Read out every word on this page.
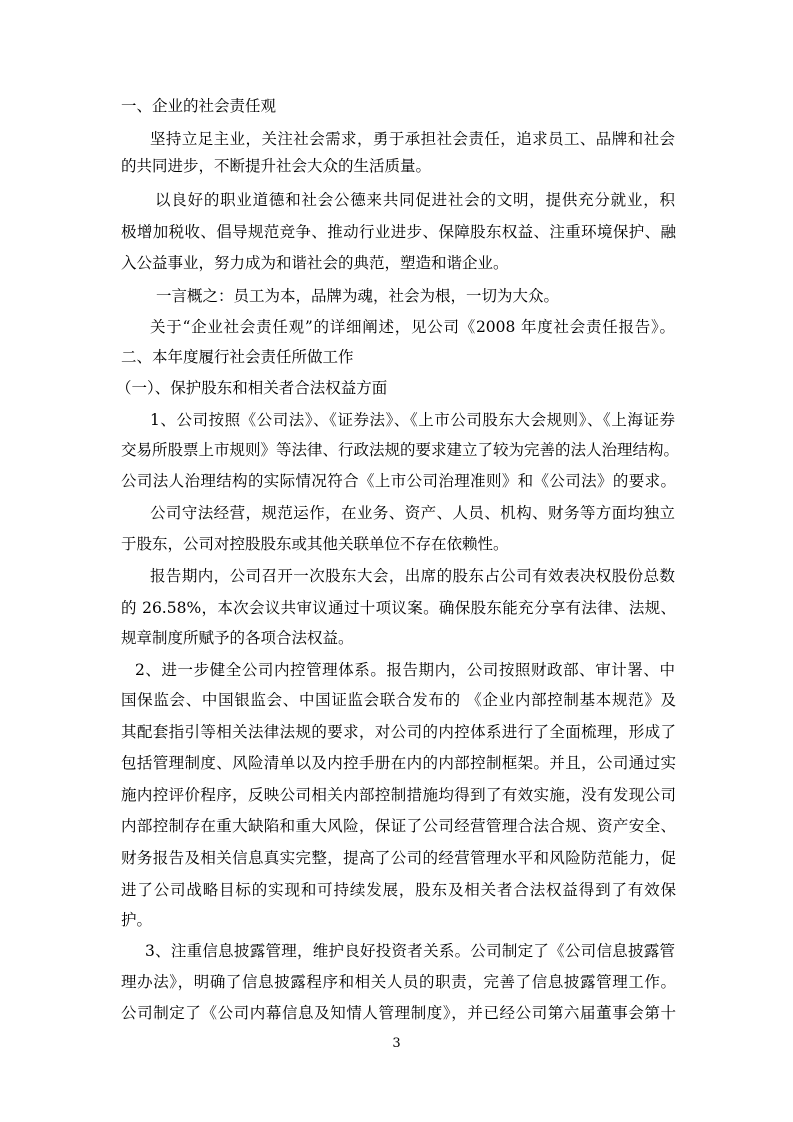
一、企业的社会责任观
坚持立足主业，关注社会需求，勇于承担社会责任，追求员工、品牌和社会
的共同进步，不断提升社会大众的生活质量。
以良好的职业道德和社会公德来共同促进社会的文明，提供充分就业，积
极增加税收、倡导规范竞争、推动行业进步、保障股东权益、注重环境保护、融
入公益事业，努力成为和谐社会的典范，塑造和谐企业。
一言概之：员工为本，品牌为魂，社会为根，一切为大众。
关于“企业社会责任观”的详细阐述，见公司《2008 年度社会责任报告》。
二、本年度履行社会责任所做工作
（一）、保护股东和相关者合法权益方面
1、公司按照《公司法》、《证券法》、《上市公司股东大会规则》、《上海证券
交易所股票上市规则》等法律、行政法规的要求建立了较为完善的法人治理结构。
公司法人治理结构的实际情况符合《上市公司治理准则》和《公司法》的要求。
公司守法经营，规范运作，在业务、资产、人员、机构、财务等方面均独立
于股东，公司对控股股东或其他关联单位不存在依赖性。
报告期内，公司召开一次股东大会，出席的股东占公司有效表决权股份总数
的 26.58%，本次会议共审议通过十项议案。确保股东能充分享有法律、法规、
规章制度所赋予的各项合法权益。
2、进一步健全公司内控管理体系。报告期内，公司按照财政部、审计署、中
国保监会、中国银监会、中国证监会联合发布的 《企业内部控制基本规范》及
其配套指引等相关法律法规的要求，对公司的内控体系进行了全面梳理，形成了
包括管理制度、风险清单以及内控手册在内的内部控制框架。并且，公司通过实
施内控评价程序，反映公司相关内部控制措施均得到了有效实施，没有发现公司
内部控制存在重大缺陷和重大风险，保证了公司经营管理合法合规、资产安全、
财务报告及相关信息真实完整，提高了公司的经营管理水平和风险防范能力，促
进了公司战略目标的实现和可持续发展，股东及相关者合法权益得到了有效保
护。
3、注重信息披露管理，维护良好投资者关系。公司制定了《公司信息披露管
理办法》，明确了信息披露程序和相关人员的职责，完善了信息披露管理工作。
公司制定了《公司内幕信息及知情人管理制度》，并已经公司第六届董事会第十
3
